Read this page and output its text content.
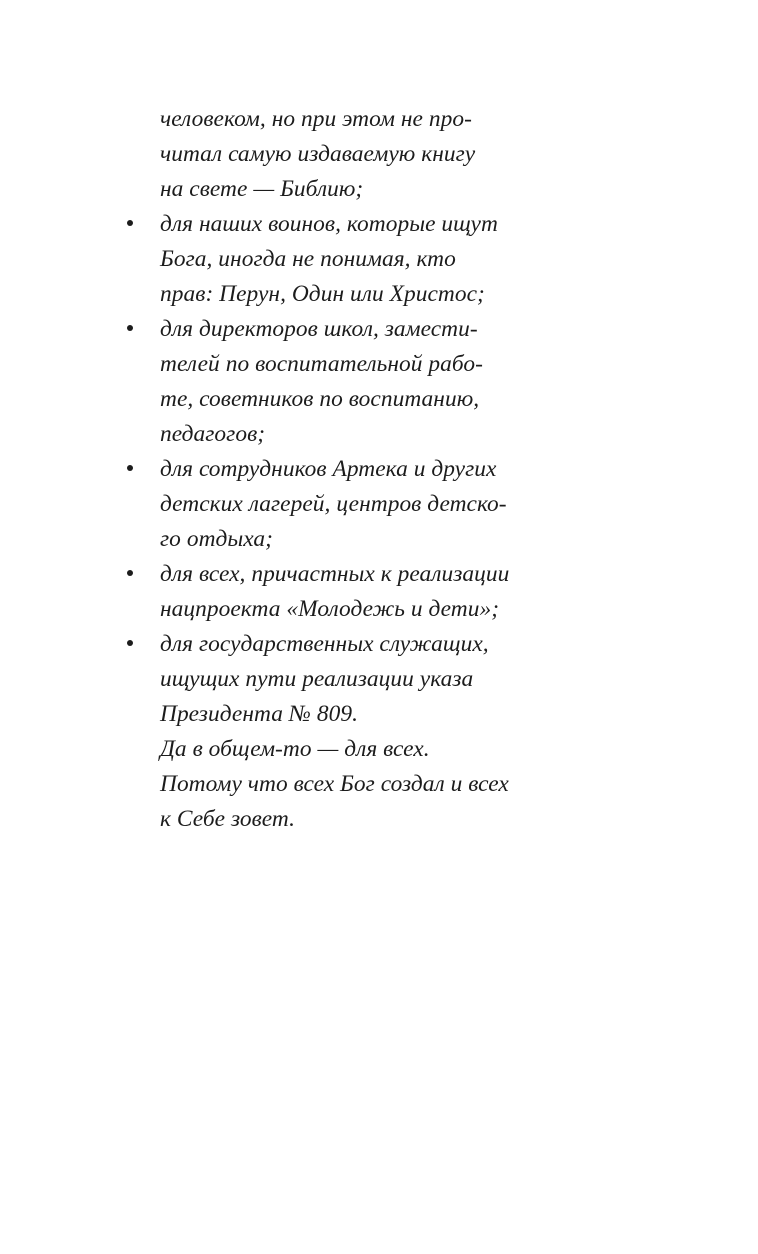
человеком, но при этом не про-
читал самую издаваемую книгу
на свете — Библию;
для наших воинов, которые ищут
Бога, иногда не понимая, кто
прав: Перун, Один или Христос;
для директоров школ, замести-
телей по воспитательной рабо-
те, советников по воспитанию,
педагогов;
для сотрудников Артека и других
детских лагерей, центров детско-
го отдыха;
для всех, причастных к реализации
нацпроекта «Молодежь и дети»;
для государственных служащих,
ищущих пути реализации указа
Президента № 809.
Да в общем-то — для всех.
Потому что всех Бог создал и всех
к Себе зовет.
